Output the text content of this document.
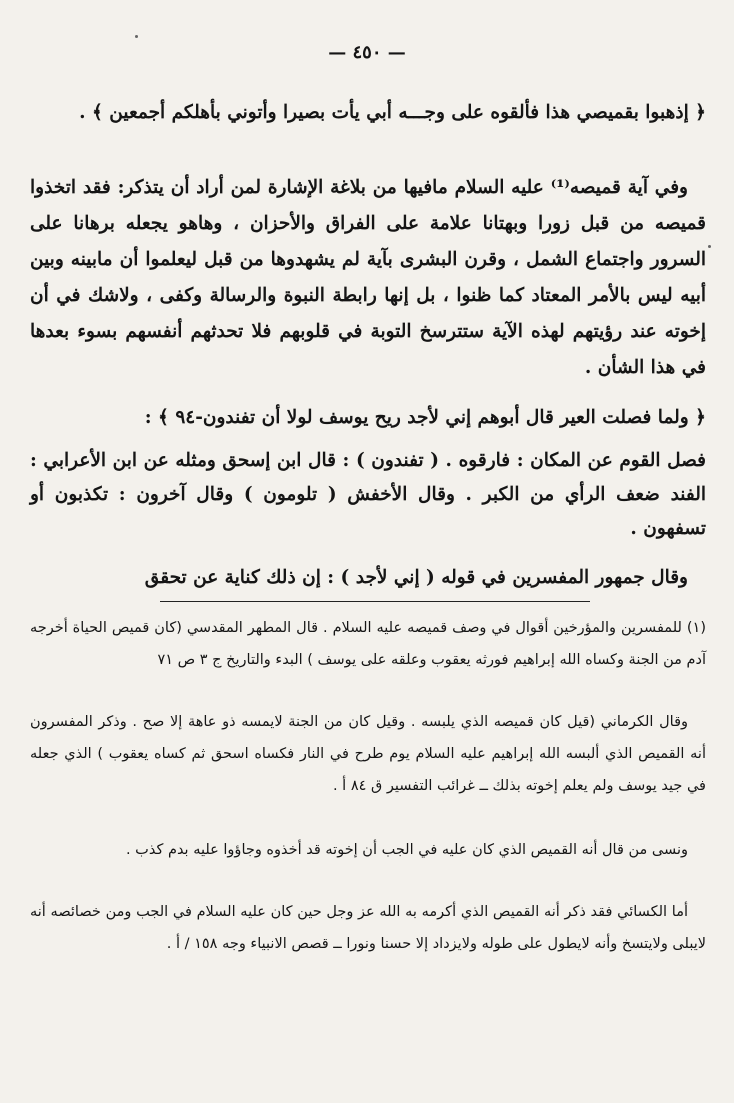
— ٤٥٠ —
﴿ إذهبوا بقميصي هذا فألقوه على وجـــه أبي يأت بصيرا وأتوني بأهلكم أجمعين ﴾ .
وفي آية قميصه⁽¹⁾ عليه السلام مافيها من بلاغة الإشارة لمن أراد أن يتذكر: فقد اتخذوا قميصه من قبل زورا وبهتانا علامة على الفراق والأحزان ، وهاهو يجعله برهانا على السرور واجتماع الشمل ، وقرن البشرى بآية لم يشهدوها من قبل ليعلموا أن مابينه وبين أبيه ليس بالأمر المعتاد كما ظنوا ، بل إنها رابطة النبوة والرسالة وكفى ، ولاشك في أن إخوته عند رؤيتهم لهذه الآية ستترسخ التوبة في قلوبهم فلا تحدثهم أنفسهم بسوء بعدها في هذا الشأن .
﴿ ولما فصلت العير قال أبوهم إني لأجد ريح يوسف لولا أن تفندون-٩٤ ﴾ :
فصل القوم عن المكان : فارقوه . ( تفندون ) : قال ابن إسحق ومثله عن ابن الأعرابي : الفند ضعف الرأي من الكبر . وقال الأخفش ( تلومون ) وقال آخرون : تكذبون أو تسفهون .
وقال جمهور المفسرين في قوله ( إني لأجد ) : إن ذلك كناية عن تحقق
(١) للمفسرين والمؤرخين أقوال في وصف قميصه عليه السلام . قال المطهر المقدسي (كان قميص الحياة أخرجه آدم من الجنة وكساه الله إبراهيم فورثه يعقوب وعلقه على يوسف ) البدء والتاريخ ج ٣ ص ٧١
وقال الكرماني (قيل كان قميصه الذي يلبسه . وقيل كان من الجنة لايمسه ذو عاهة إلا صح . وذكر المفسرون أنه القميص الذي ألبسه الله إبراهيم عليه السلام يوم طرح في النار فكساه اسحق ثم كساه يعقوب ) الذي جعله في جيد يوسف ولم يعلم إخوته بذلك ــ غرائب التفسير ق ٨٤ أ .
ونسى من قال أنه القميص الذي كان عليه في الجب أن إخوته قد أخذوه وجاؤوا عليه بدم كذب .
أما الكسائي فقد ذكر أنه القميص الذي أكرمه به الله عز وجل حين كان عليه السلام في الجب ومن خصائصه أنه لايبلى ولايتسخ وأنه لايطول على طوله ولايزداد إلا حسنا ونورا ــ قصص الانبياء وجه ١٥٨ / أ .
